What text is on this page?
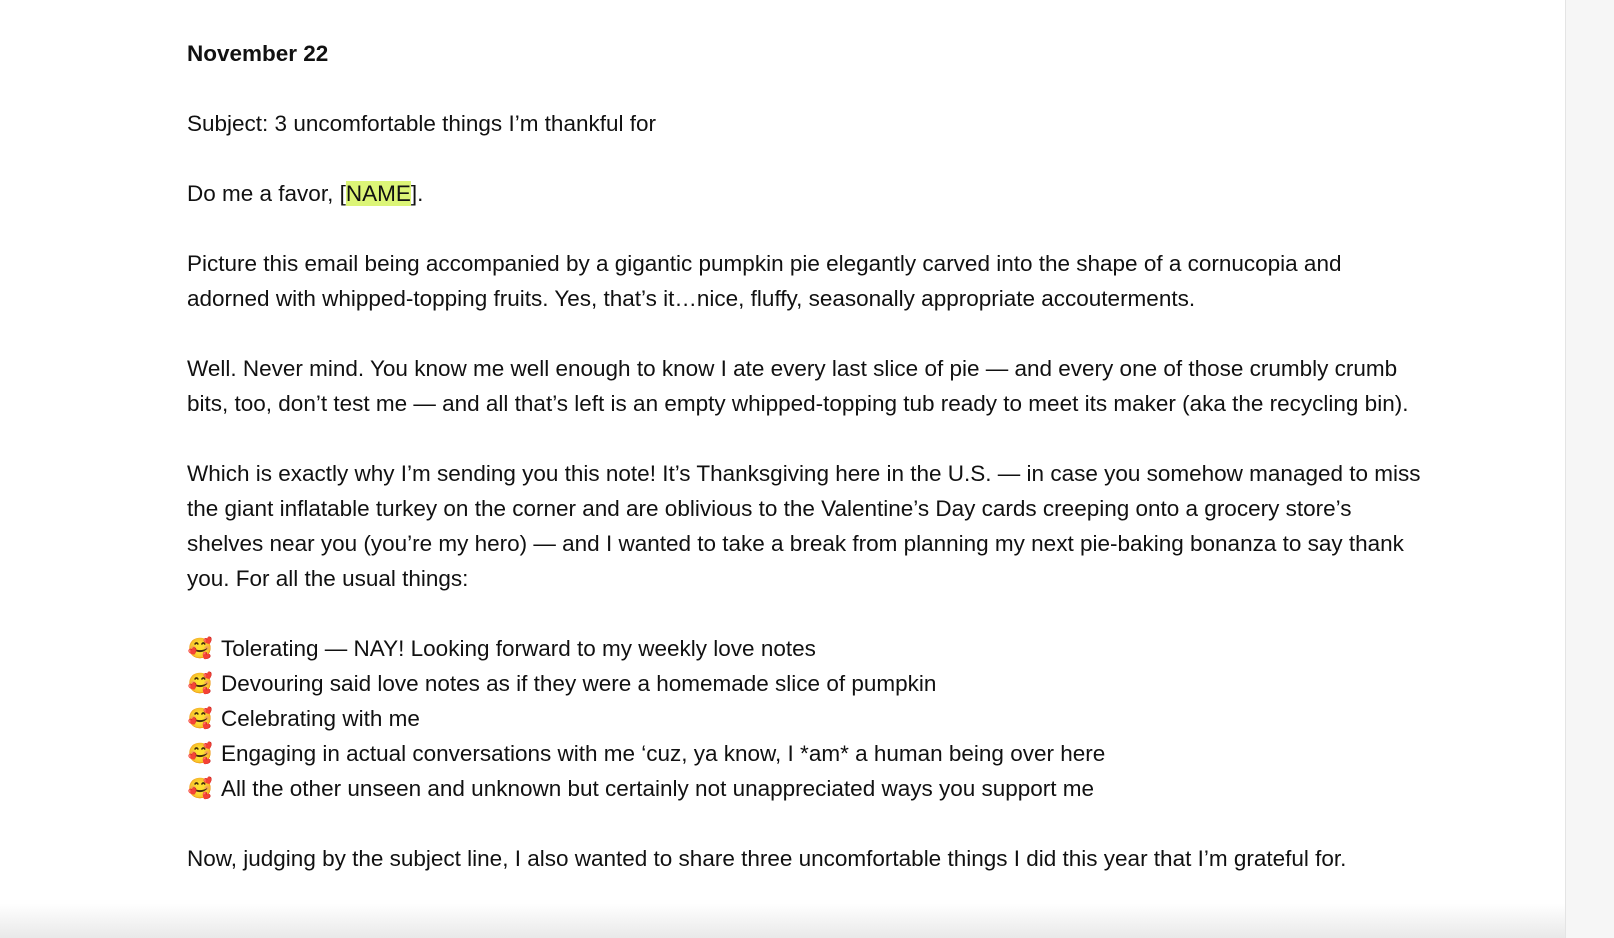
November 22

Subject: 3 uncomfortable things I’m thankful for

Do me a favor, [NAME].

Picture this email being accompanied by a gigantic pumpkin pie elegantly carved into the shape of a cornucopia and adorned with whipped-topping fruits. Yes, that’s it…nice, fluffy, seasonally appropriate accouterments.

Well. Never mind. You know me well enough to know I ate every last slice of pie — and every one of those crumbly crumb bits, too, don’t test me — and all that’s left is an empty whipped-topping tub ready to meet its maker (aka the recycling bin).

Which is exactly why I’m sending you this note! It’s Thanksgiving here in the U.S. — in case you somehow managed to miss the giant inflatable turkey on the corner and are oblivious to the Valentine’s Day cards creeping onto a grocery store’s shelves near you (you’re my hero) — and I wanted to take a break from planning my next pie-baking bonanza to say thank you. For all the usual things:

🥰 Tolerating — NAY! Looking forward to my weekly love notes
🥰 Devouring said love notes as if they were a homemade slice of pumpkin
🥰 Celebrating with me
🥰 Engaging in actual conversations with me ‘cuz, ya know, I *am* a human being over here
🥰 All the other unseen and unknown but certainly not unappreciated ways you support me

Now, judging by the subject line, I also wanted to share three uncomfortable things I did this year that I’m grateful for.
